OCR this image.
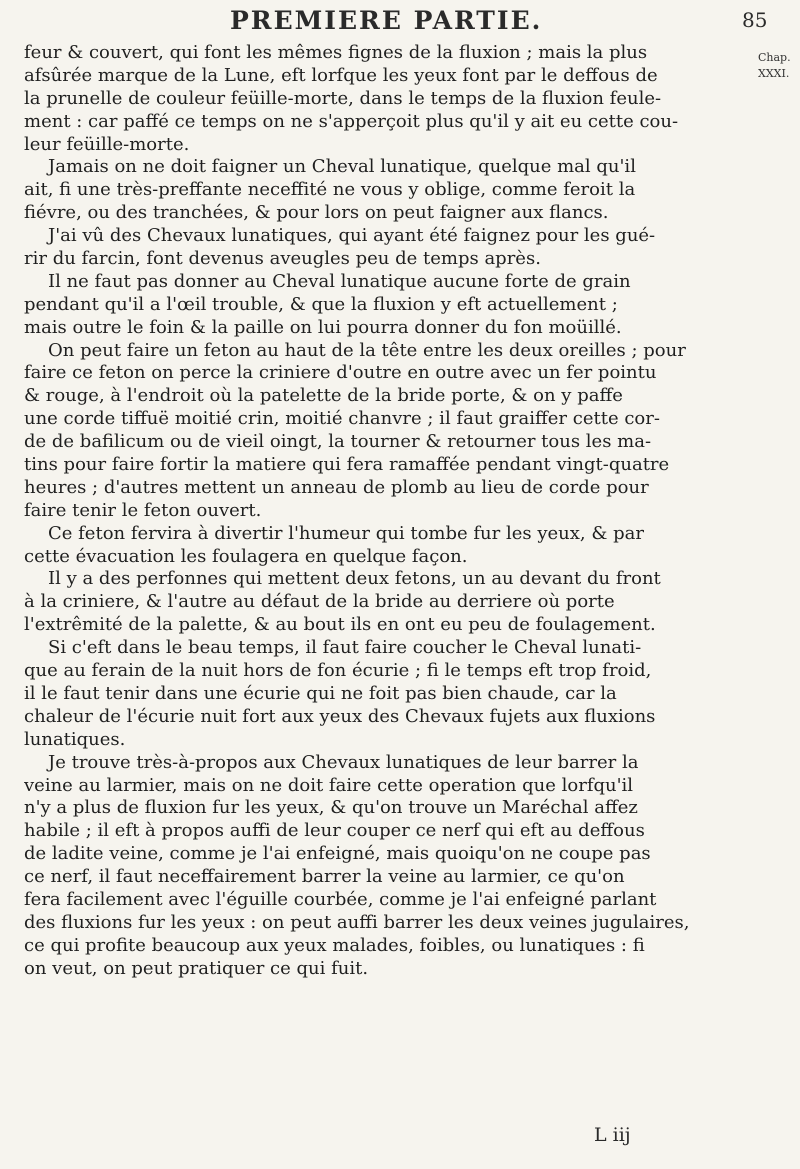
PREMIERE PARTIE.	85
Chap.
XXXI.
feur & couvert, qui font les mêmes fignes de la fluxion ; mais la plus
afsûrée marque de la Lune, eft lorfque les yeux font par le deffous de
la prunelle de couleur feüille-morte, dans le temps de la fluxion feule-
ment : car paffé ce temps on ne s'apperçoit plus qu'il y ait eu cette cou-
leur feüille-morte.
Jamais on ne doit faigner un Cheval lunatique, quelque mal qu'il
ait, fi une très-preffante neceffité ne vous y oblige, comme feroit la
fiévre, ou des tranchées, & pour lors on peut faigner aux flancs.
J'ai vû des Chevaux lunatiques, qui ayant été faignez pour les gué-
rir du farcin, font devenus aveugles peu de temps après.
Il ne faut pas donner au Cheval lunatique aucune forte de grain
pendant qu'il a l'œil trouble, & que la fluxion y eft actuellement ;
mais outre le foin & la paille on lui pourra donner du fon moüillé.
On peut faire un feton au haut de la tête entre les deux oreilles ; pour
faire ce feton on perce la criniere d'outre en outre avec un fer pointu
& rouge, à l'endroit où la patelette de la bride porte, & on y paffe
une corde tiffuë moitié crin, moitié chanvre ; il faut graiffer cette cor-
de de bafilicum ou de vieil oingt, la tourner & retourner tous les ma-
tins pour faire fortir la matiere qui fera ramaffée pendant vingt-quatre
heures ; d'autres mettent un anneau de plomb au lieu de corde pour
faire tenir le feton ouvert.
Ce feton fervira à divertir l'humeur qui tombe fur les yeux, & par
cette évacuation les foulagera en quelque façon.
Il y a des perfonnes qui mettent deux fetons, un au devant du front
à la criniere, & l'autre au défaut de la bride au derriere où porte
l'extrêmité de la palette, & au bout ils en ont eu peu de foulagement.
Si c'eft dans le beau temps, il faut faire coucher le Cheval lunati-
que au ferain de la nuit hors de fon écurie ; fi le temps eft trop froid,
il le faut tenir dans une écurie qui ne foit pas bien chaude, car la
chaleur de l'écurie nuit fort aux yeux des Chevaux fujets aux fluxions
lunatiques.
Je trouve très-à-propos aux Chevaux lunatiques de leur barrer la
veine au larmier, mais on ne doit faire cette operation que lorfqu'il
n'y a plus de fluxion fur les yeux, & qu'on trouve un Maréchal affez
habile ; il eft à propos auffi de leur couper ce nerf qui eft au deffous
de ladite veine, comme je l'ai enfeigné, mais quoiqu'on ne coupe pas
ce nerf, il faut neceffairement barrer la veine au larmier, ce qu'on
fera facilement avec l'éguille courbée, comme je l'ai enfeigné parlant
des fluxions fur les yeux : on peut auffi barrer les deux veines jugulaires,
ce qui profite beaucoup aux yeux malades, foibles, ou lunatiques : fi
on veut, on peut pratiquer ce qui fuit.
L iij
